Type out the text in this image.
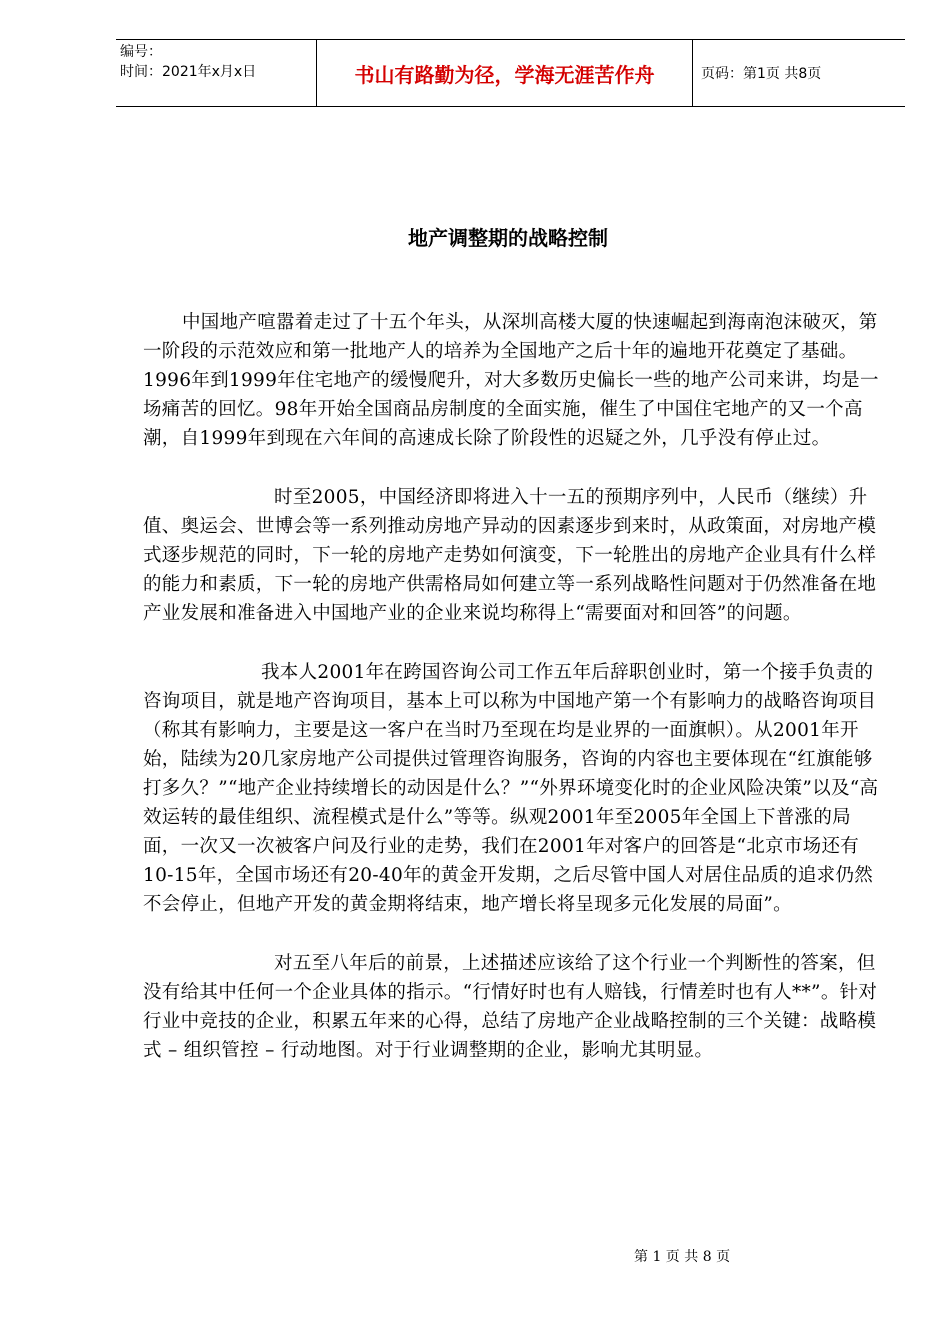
编号：
时间：2021年x月x日	书山有路勤为径，学海无涯苦作舟	页码：第1页 共8页
地产调整期的战略控制

中国地产喧嚣着走过了十五个年头，从深圳高楼大厦的快速崛起到海南泡沫破灭，第一阶段的示范效应和第一批地产人的培养为全国地产之后十年的遍地开花奠定了基础。1996年到1999年住宅地产的缓慢爬升，对大多数历史偏长一些的地产公司来讲，均是一场痛苦的回忆。98年开始全国商品房制度的全面实施，催生了中国住宅地产的又一个高潮，自1999年到现在六年间的高速成长除了阶段性的迟疑之外，几乎没有停止过。

时至2005，中国经济即将进入十一五的预期序列中，人民币（继续）升值、奥运会、世博会等一系列推动房地产异动的因素逐步到来时，从政策面，对房地产模式逐步规范的同时，下一轮的房地产走势如何演变，下一轮胜出的房地产企业具有什么样的能力和素质，下一轮的房地产供需格局如何建立等一系列战略性问题对于仍然准备在地产业发展和准备进入中国地产业的企业来说均称得上“需要面对和回答”的问题。

我本人2001年在跨国咨询公司工作五年后辞职创业时，第一个接手负责的咨询项目，就是地产咨询项目，基本上可以称为中国地产第一个有影响力的战略咨询项目（称其有影响力，主要是这一客户在当时乃至现在均是业界的一面旗帜）。从2001年开始，陆续为20几家房地产公司提供过管理咨询服务，咨询的内容也主要体现在“红旗能够打多久？”“地产企业持续增长的动因是什么？”“外界环境变化时的企业风险决策”以及“高效运转的最佳组织、流程模式是什么”等等。纵观2001年至2005年全国上下普涨的局面，一次又一次被客户问及行业的走势，我们在2001年对客户的回答是“北京市场还有10-15年，全国市场还有20-40年的黄金开发期，之后尽管中国人对居住品质的追求仍然不会停止，但地产开发的黄金期将结束，地产增长将呈现多元化发展的局面”。

对五至八年后的前景，上述描述应该给了这个行业一个判断性的答案，但没有给其中任何一个企业具体的指示。“行情好时也有人赔钱，行情差时也有人**”。针对行业中竞技的企业，积累五年来的心得，总结了房地产企业战略控制的三个关键：战略模式 – 组织管控 – 行动地图。对于行业调整期的企业，影响尤其明显。

第 1 页 共 8 页
